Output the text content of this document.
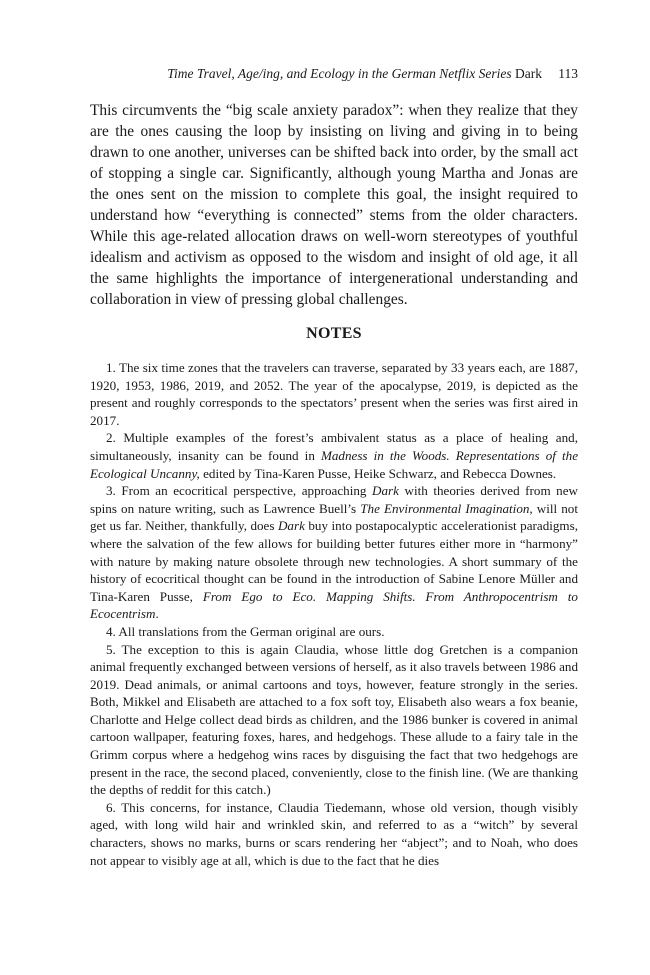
Time Travel, Age/ing, and Ecology in the German Netflix Series Dark 113

This circumvents the “big scale anxiety paradox”: when they realize that they are the ones causing the loop by insisting on living and giving in to being drawn to one another, universes can be shifted back into order, by the small act of stopping a single car. Significantly, although young Martha and Jonas are the ones sent on the mission to complete this goal, the insight required to understand how “everything is connected” stems from the older characters. While this age-related allocation draws on well-worn stereotypes of youthful idealism and activism as opposed to the wisdom and insight of old age, it all the same highlights the importance of intergenerational understanding and collaboration in view of pressing global challenges.

NOTES
1. The six time zones that the travelers can traverse, separated by 33 years each, are 1887, 1920, 1953, 1986, 2019, and 2052. The year of the apocalypse, 2019, is depicted as the present and roughly corresponds to the spectators’ present when the series was first aired in 2017.
2. Multiple examples of the forest’s ambivalent status as a place of healing and, simultaneously, insanity can be found in Madness in the Woods. Representations of the Ecological Uncanny, edited by Tina-Karen Pusse, Heike Schwarz, and Rebecca Downes.
3. From an ecocritical perspective, approaching Dark with theories derived from new spins on nature writing, such as Lawrence Buell’s The Environmental Imagination, will not get us far. Neither, thankfully, does Dark buy into postapocalyptic accelerationist paradigms, where the salvation of the few allows for building better futures either more in “harmony” with nature by making nature obsolete through new technologies. A short summary of the history of ecocritical thought can be found in the introduction of Sabine Lenore Müller and Tina-Karen Pusse, From Ego to Eco. Mapping Shifts. From Anthropocentrism to Ecocentrism.
4. All translations from the German original are ours.
5. The exception to this is again Claudia, whose little dog Gretchen is a companion animal frequently exchanged between versions of herself, as it also travels between 1986 and 2019. Dead animals, or animal cartoons and toys, however, feature strongly in the series. Both, Mikkel and Elisabeth are attached to a fox soft toy, Elisabeth also wears a fox beanie, Charlotte and Helge collect dead birds as children, and the 1986 bunker is covered in animal cartoon wallpaper, featuring foxes, hares, and hedgehogs. These allude to a fairy tale in the Grimm corpus where a hedgehog wins races by disguising the fact that two hedgehogs are present in the race, the second placed, conveniently, close to the finish line. (We are thanking the depths of reddit for this catch.)
6. This concerns, for instance, Claudia Tiedemann, whose old version, though visibly aged, with long wild hair and wrinkled skin, and referred to as a “witch” by several characters, shows no marks, burns or scars rendering her “abject”; and to Noah, who does not appear to visibly age at all, which is due to the fact that he dies
